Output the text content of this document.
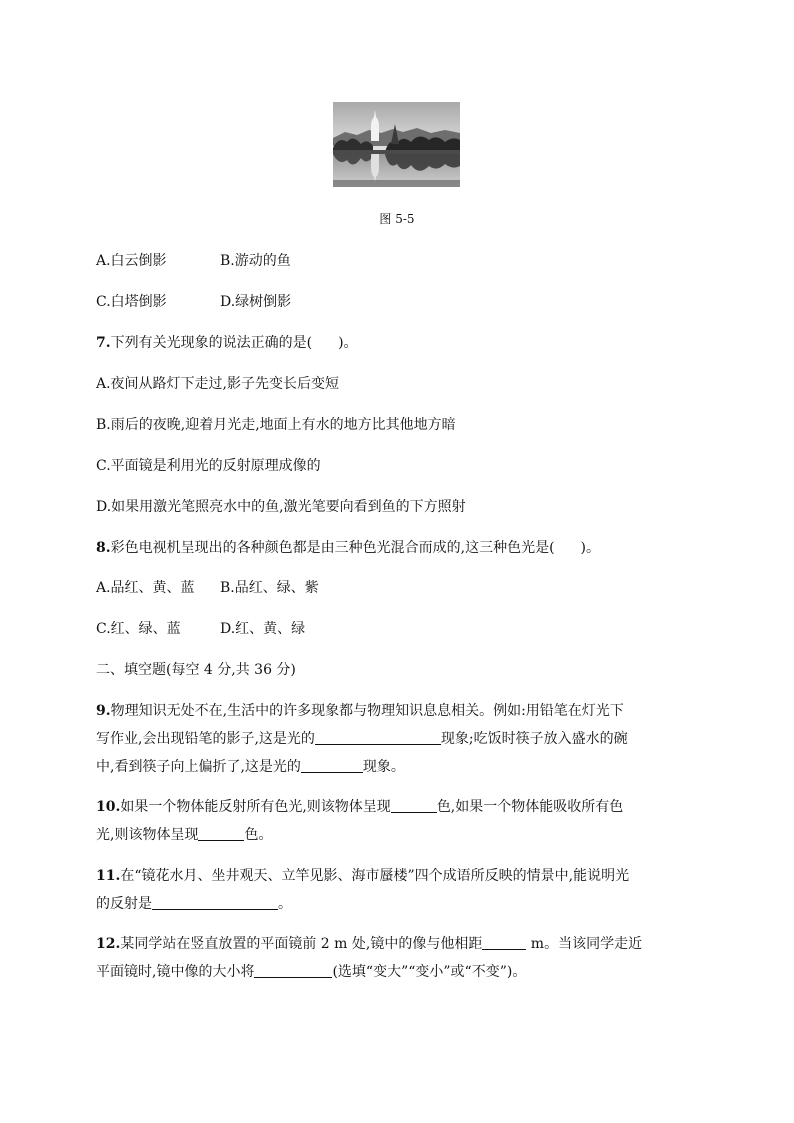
图 5-5
A.白云倒影	B.游动的鱼
C.白塔倒影	D.绿树倒影
7.下列有关光现象的说法正确的是( )。
A.夜间从路灯下走过,影子先变长后变短
B.雨后的夜晚,迎着月光走,地面上有水的地方比其他地方暗
C.平面镜是利用光的反射原理成像的
D.如果用激光笔照亮水中的鱼,激光笔要向看到鱼的下方照射
8.彩色电视机呈现出的各种颜色都是由三种色光混合而成的,这三种色光是( )。
A.品红、黄、蓝 B.品红、绿、紫
C.红、绿、蓝	D.红、黄、绿
二、填空题(每空 4 分,共 36 分)
9.物理知识无处不在,生活中的许多现象都与物理知识息息相关。例如:用铅笔在灯光下
写作业,会出现铅笔的影子,这是光的	现象;吃饭时筷子放入盛水的碗
中,看到筷子向上偏折了,这是光的	现象。
10.如果一个物体能反射所有色光,则该物体呈现	色,如果一个物体能吸收所有色
光,则该物体呈现	色。
11.在“镜花水月、坐井观天、立竿见影、海市蜃楼”四个成语所反映的情景中,能说明光
的反射是	。
12.某同学站在竖直放置的平面镜前 2 m 处,镜中的像与他相距	m。当该同学走近
平面镜时,镜中像的大小将	(选填“变大”“变小”或“不变”)。
